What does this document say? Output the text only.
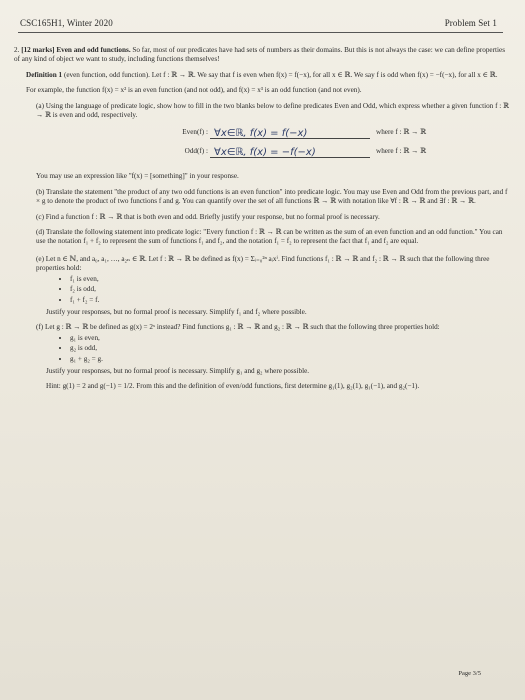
CSC165H1, Winter 2020	Problem Set 1

2. [12 marks] Even and odd functions. So far, most of our predicates have had sets of numbers as their domains. But this is not always the case: we can define properties of any kind of object we want to study, including functions themselves!

Definition 1 (even function, odd function). Let f : ℝ → ℝ. We say that f is even when f(x) = f(−x), for all x ∈ ℝ. We say f is odd when f(x) = −f(−x), for all x ∈ ℝ.

For example, the function f(x) = x² is an even function (and not odd), and f(x) = x³ is an odd function (and not even).

(a) Using the language of predicate logic, show how to fill in the two blanks below to define predicates Even and Odd, which express whether a given function f : ℝ → ℝ is even and odd, respectively.

Even(f) : ∀x∈ℝ, f(x) = f(−x)	where f : ℝ → ℝ
Odd(f) : ∀x∈ℝ, f(x) = −f(−x)	where f : ℝ → ℝ

You may use an expression like "f(x) = [something]" in your response.

(b) Translate the statement "the product of any two odd functions is an even function" into predicate logic. You may use Even and Odd from the previous part, and f × g to denote the product of two functions f and g. You can quantify over the set of all functions ℝ → ℝ with notation like ∀f : ℝ → ℝ and ∃f : ℝ → ℝ.

(c) Find a function f : ℝ → ℝ that is both even and odd. Briefly justify your response, but no formal proof is necessary.

(d) Translate the following statement into predicate logic: "Every function f : ℝ → ℝ can be written as the sum of an even function and an odd function." You can use the notation f₁ + f₂ to represent the sum of functions f₁ and f₂, and the notation f₁ = f₂ to represent the fact that f₁ and f₂ are equal.

(e) Let n ∈ ℕ, and a₀, a₁, …, a₂ₙ ∈ ℝ. Let f : ℝ → ℝ be defined as f(x) = Σᵢ₌₀²ⁿ aᵢxⁱ. Find functions f₁ : ℝ → ℝ and f₂ : ℝ → ℝ such that the following three properties hold:

• f₁ is even,
• f₂ is odd,
• f₁ + f₂ = f.

Justify your responses, but no formal proof is necessary. Simplify f₁ and f₂ where possible.

(f) Let g : ℝ → ℝ be defined as g(x) = 2ˣ instead? Find functions g₁ : ℝ → ℝ and g₂ : ℝ → ℝ such that the following three properties hold:

• g₁ is even,
• g₂ is odd,
• g₁ + g₂ = g.

Justify your responses, but no formal proof is necessary. Simplify g₁ and g₂ where possible.

Hint: g(1) = 2 and g(−1) = 1/2. From this and the definition of even/odd functions, first determine g₁(1), g₂(1), g₁(−1), and g₂(−1).

Page 3/5
